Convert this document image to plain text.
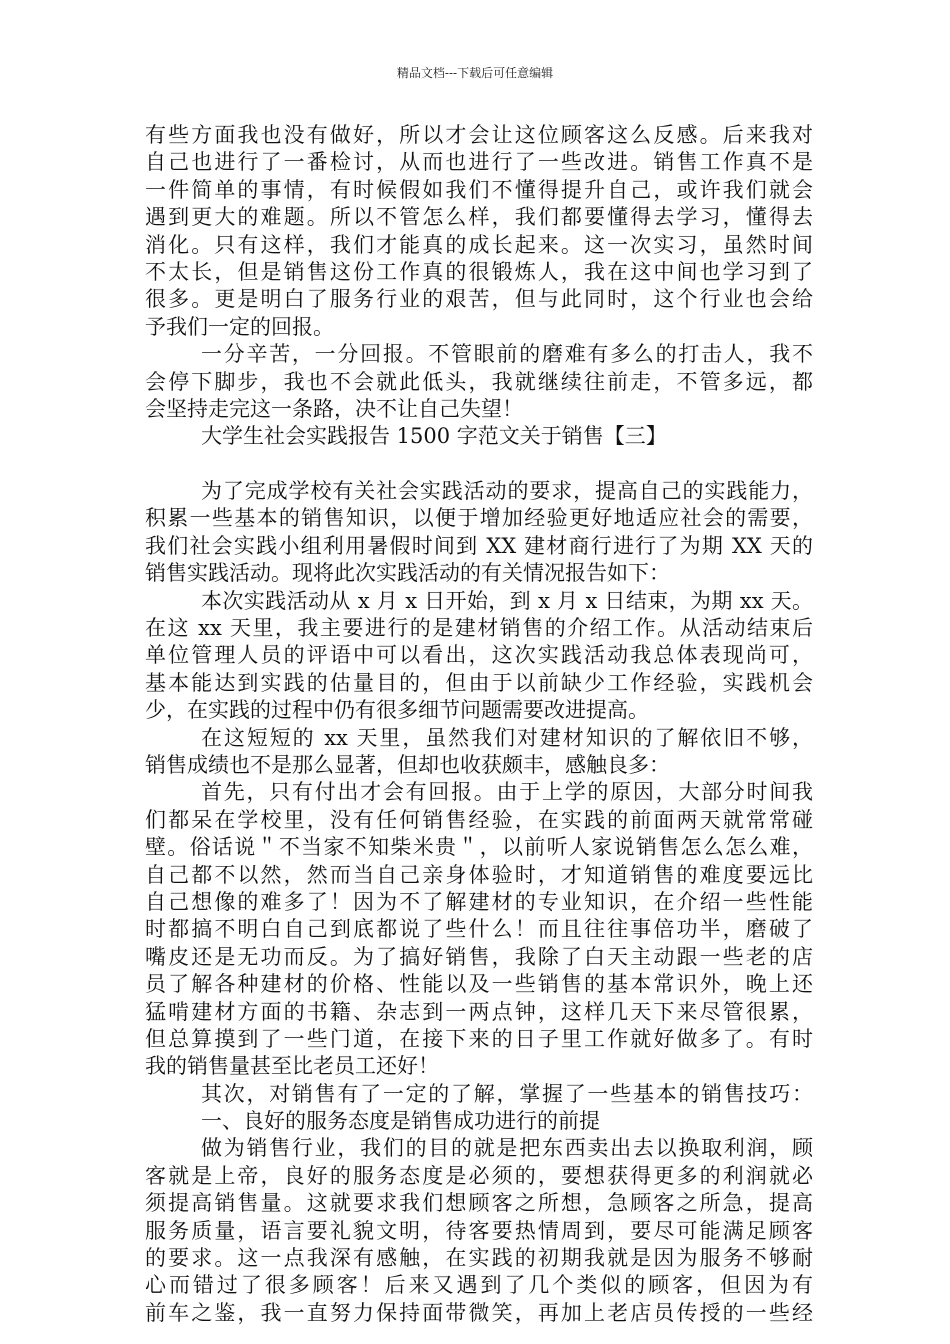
精品文档---下载后可任意编辑
有些方面我也没有做好，所以才会让这位顾客这么反感。后来我对
自己也进行了一番检讨，从而也进行了一些改进。销售工作真不是
一件简单的事情，有时候假如我们不懂得提升自己，或许我们就会
遇到更大的难题。所以不管怎么样，我们都要懂得去学习，懂得去
消化。只有这样，我们才能真的成长起来。这一次实习，虽然时间
不太长，但是销售这份工作真的很锻炼人，我在这中间也学习到了
很多。更是明白了服务行业的艰苦，但与此同时，这个行业也会给
予我们一定的回报。
一分辛苦，一分回报。不管眼前的磨难有多么的打击人，我不
会停下脚步，我也不会就此低头，我就继续往前走，不管多远，都
会坚持走完这一条路，决不让自己失望！
大学生社会实践报告 1500 字范文关于销售【三】
为了完成学校有关社会实践活动的要求，提高自己的实践能力，
积累一些基本的销售知识，以便于增加经验更好地适应社会的需要，
我们社会实践小组利用暑假时间到 XX 建材商行进行了为期 XX 天的
销售实践活动。现将此次实践活动的有关情况报告如下：
本次实践活动从 x 月 x 日开始，到 x 月 x 日结束，为期 xx 天。
在这 xx 天里，我主要进行的是建材销售的介绍工作。从活动结束后
单位管理人员的评语中可以看出，这次实践活动我总体表现尚可，
基本能达到实践的估量目的，但由于以前缺少工作经验，实践机会
少，在实践的过程中仍有很多细节问题需要改进提高。
在这短短的 xx 天里，虽然我们对建材知识的了解依旧不够，
销售成绩也不是那么显著，但却也收获颇丰，感触良多：
首先，只有付出才会有回报。由于上学的原因，大部分时间我
们都呆在学校里，没有任何销售经验，在实践的前面两天就常常碰
壁。俗话说＂不当家不知柴米贵＂，以前听人家说销售怎么怎么难，
自己都不以然，然而当自己亲身体验时，才知道销售的难度要远比
自己想像的难多了！因为不了解建材的专业知识，在介绍一些性能
时都搞不明白自己到底都说了些什么！而且往往事倍功半，磨破了
嘴皮还是无功而反。为了搞好销售，我除了白天主动跟一些老的店
员了解各种建材的价格、性能以及一些销售的基本常识外，晚上还
猛啃建材方面的书籍、杂志到一两点钟，这样几天下来尽管很累，
但总算摸到了一些门道，在接下来的日子里工作就好做多了。有时
我的销售量甚至比老员工还好！
其次，对销售有了一定的了解，掌握了一些基本的销售技巧：
一、良好的服务态度是销售成功进行的前提
做为销售行业，我们的目的就是把东西卖出去以换取利润，顾
客就是上帝，良好的服务态度是必须的，要想获得更多的利润就必
须提高销售量。这就要求我们想顾客之所想，急顾客之所急，提高
服务质量，语言要礼貌文明，待客要热情周到，要尽可能满足顾客
的要求。这一点我深有感触，在实践的初期我就是因为服务不够耐
心而错过了很多顾客！后来又遇到了几个类似的顾客，但因为有
前车之鉴，我一直努力保持面带微笑，再加上老店员传授的一些经
